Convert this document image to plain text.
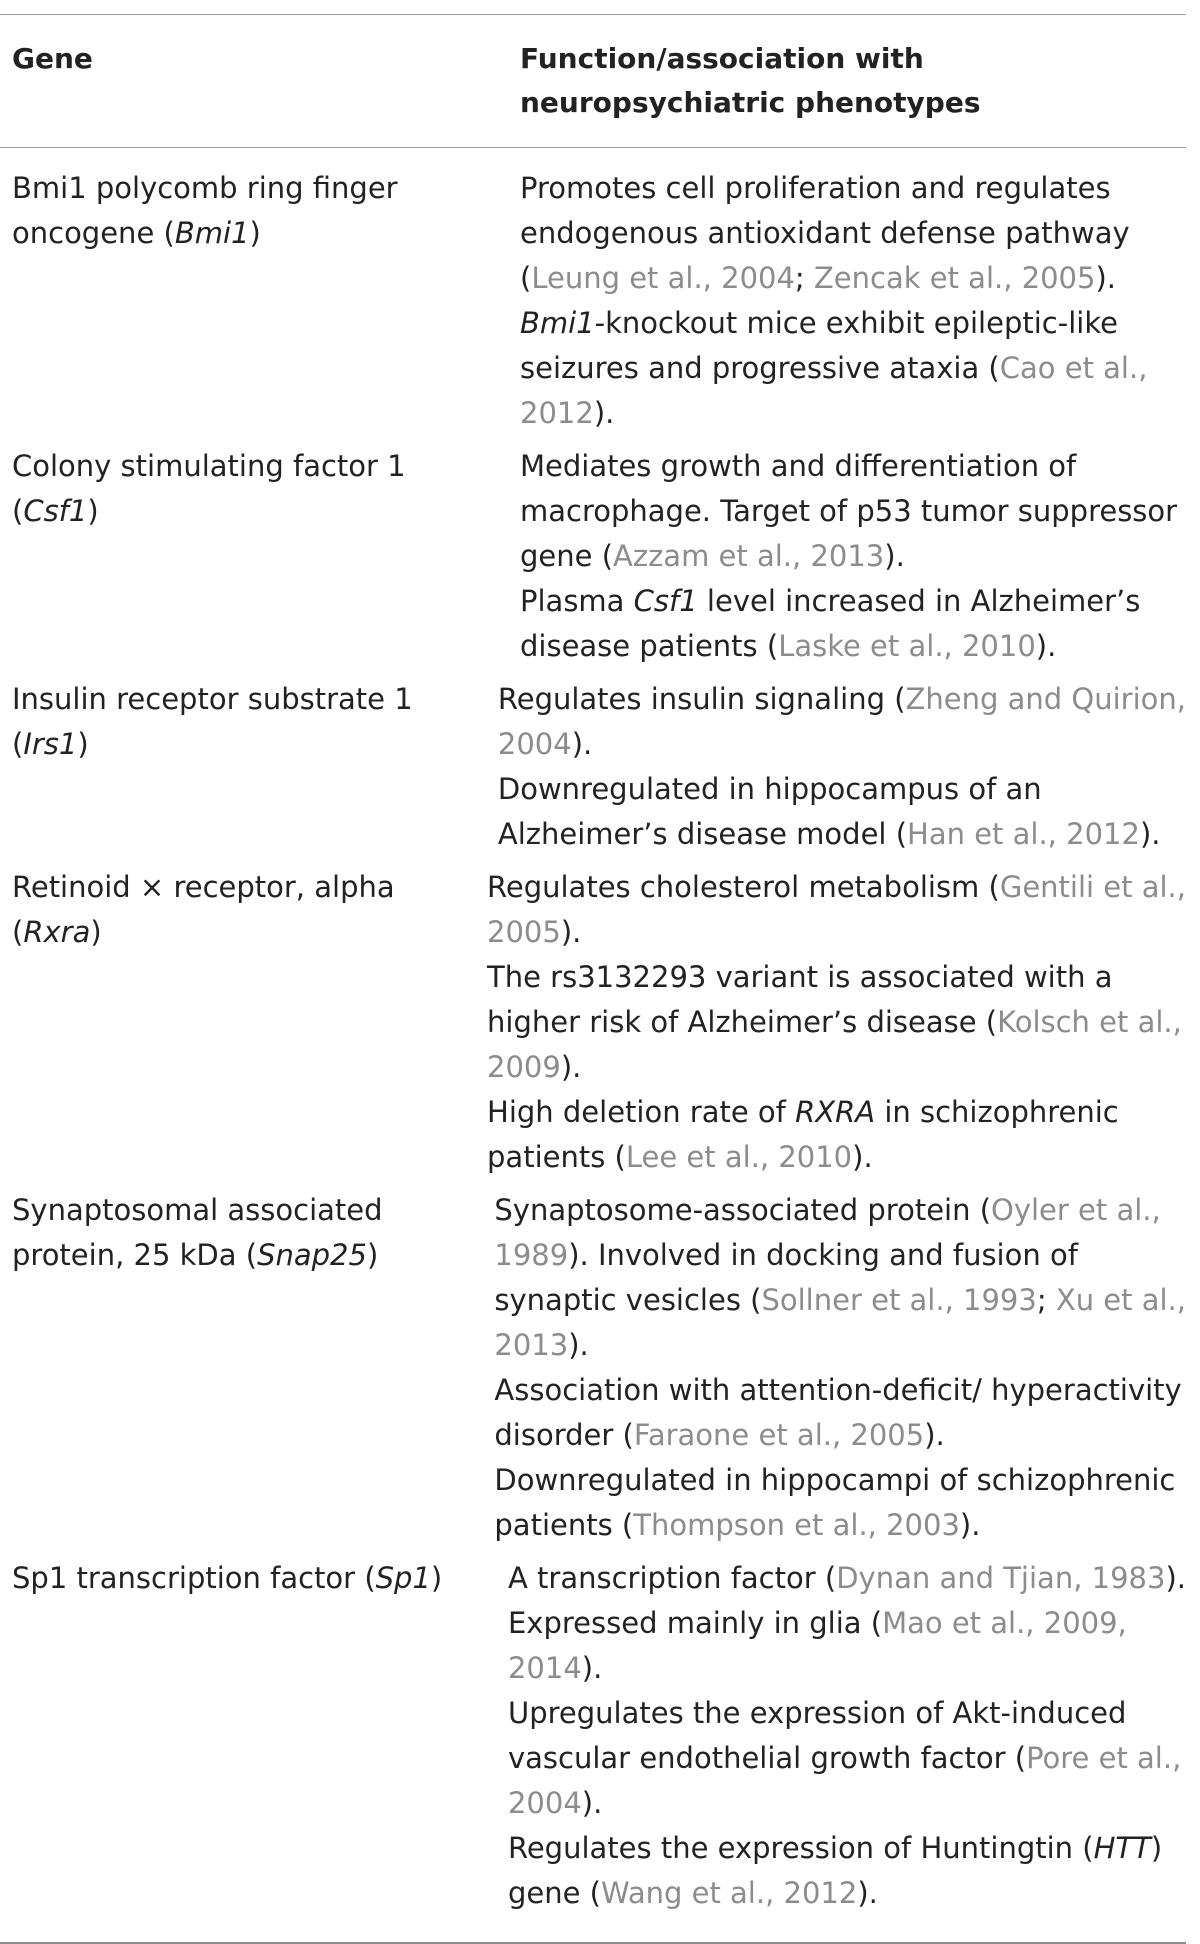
Gene	Function/association with
neuropsychiatric phenotypes
Bmi1 polycomb ring finger
oncogene (Bmi1)
Promotes cell proliferation and regulates
endogenous antioxidant defense pathway
(Leung et al., 2004; Zencak et al., 2005).
Bmi1-knockout mice exhibit epileptic-like
seizures and progressive ataxia (Cao et al.,
2012).
Colony stimulating factor 1
(Csf1)
Mediates growth and differentiation of
macrophage. Target of p53 tumor suppressor
gene (Azzam et al., 2013).
Plasma Csf1 level increased in Alzheimer’s
disease patients (Laske et al., 2010).
Insulin receptor substrate 1
(Irs1)
Regulates insulin signaling (Zheng and Quirion,
2004).
Downregulated in hippocampus of an
Alzheimer’s disease model (Han et al., 2012).
Retinoid × receptor, alpha
(Rxra)
Regulates cholesterol metabolism (Gentili et al.,
2005).
The rs3132293 variant is associated with a
higher risk of Alzheimer’s disease (Kolsch et al.,
2009).
High deletion rate of RXRA in schizophrenic
patients (Lee et al., 2010).
Synaptosomal associated
protein, 25 kDa (Snap25)
Synaptosome-associated protein (Oyler et al.,
1989). Involved in docking and fusion of
synaptic vesicles (Sollner et al., 1993; Xu et al.,
2013).
Association with attention-deficit/ hyperactivity
disorder (Faraone et al., 2005).
Downregulated in hippocampi of schizophrenic
patients (Thompson et al., 2003).
Sp1 transcription factor (Sp1)	A transcription factor (Dynan and Tjian, 1983).
Expressed mainly in glia (Mao et al., 2009,
2014).
Upregulates the expression of Akt-induced
vascular endothelial growth factor (Pore et al.,
2004).
Regulates the expression of Huntingtin (HTT)
gene (Wang et al., 2012).
